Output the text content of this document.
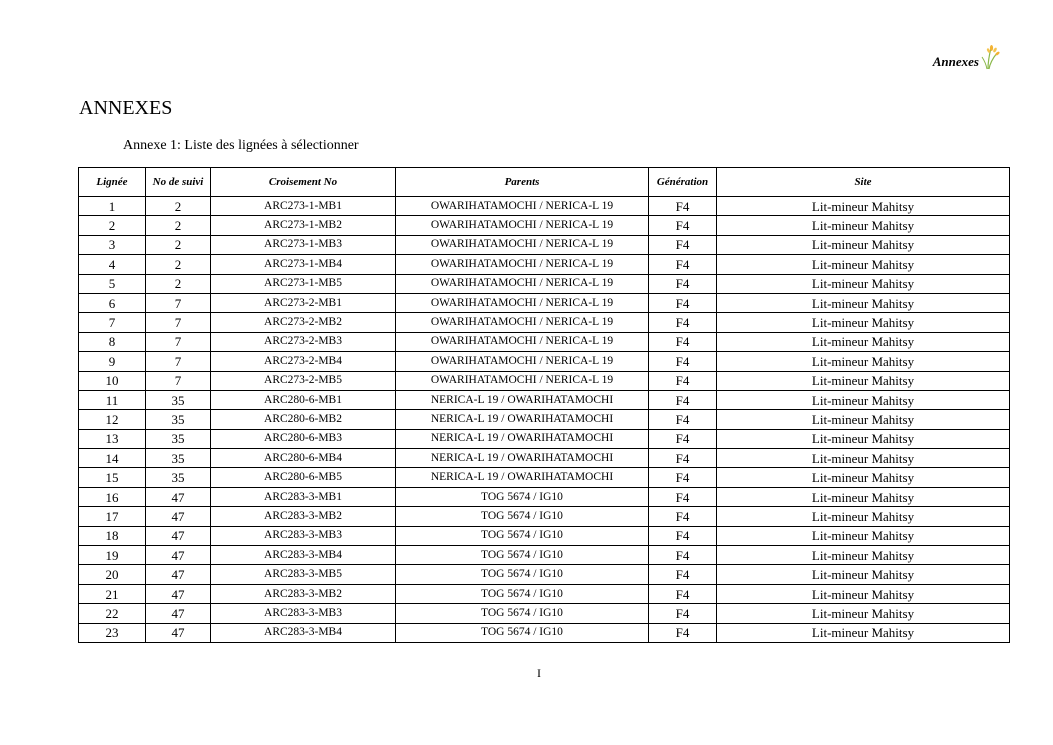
Annexes
ANNEXES
Annexe 1: Liste des lignées à sélectionner
Lignée	No de suivi	Croisement No	Parents	Génération	Site
1	2	ARC273-1-MB1	OWARIHATAMOCHI / NERICA-L 19	F4	Lit-mineur Mahitsy
2	2	ARC273-1-MB2	OWARIHATAMOCHI / NERICA-L 19	F4	Lit-mineur Mahitsy
3	2	ARC273-1-MB3	OWARIHATAMOCHI / NERICA-L 19	F4	Lit-mineur Mahitsy
4	2	ARC273-1-MB4	OWARIHATAMOCHI / NERICA-L 19	F4	Lit-mineur Mahitsy
5	2	ARC273-1-MB5	OWARIHATAMOCHI / NERICA-L 19	F4	Lit-mineur Mahitsy
6	7	ARC273-2-MB1	OWARIHATAMOCHI / NERICA-L 19	F4	Lit-mineur Mahitsy
7	7	ARC273-2-MB2	OWARIHATAMOCHI / NERICA-L 19	F4	Lit-mineur Mahitsy
8	7	ARC273-2-MB3	OWARIHATAMOCHI / NERICA-L 19	F4	Lit-mineur Mahitsy
9	7	ARC273-2-MB4	OWARIHATAMOCHI / NERICA-L 19	F4	Lit-mineur Mahitsy
10	7	ARC273-2-MB5	OWARIHATAMOCHI / NERICA-L 19	F4	Lit-mineur Mahitsy
11	35	ARC280-6-MB1	NERICA-L 19 / OWARIHATAMOCHI	F4	Lit-mineur Mahitsy
12	35	ARC280-6-MB2	NERICA-L 19 / OWARIHATAMOCHI	F4	Lit-mineur Mahitsy
13	35	ARC280-6-MB3	NERICA-L 19 / OWARIHATAMOCHI	F4	Lit-mineur Mahitsy
14	35	ARC280-6-MB4	NERICA-L 19 / OWARIHATAMOCHI	F4	Lit-mineur Mahitsy
15	35	ARC280-6-MB5	NERICA-L 19 / OWARIHATAMOCHI	F4	Lit-mineur Mahitsy
16	47	ARC283-3-MB1	TOG 5674 / IG10	F4	Lit-mineur Mahitsy
17	47	ARC283-3-MB2	TOG 5674 / IG10	F4	Lit-mineur Mahitsy
18	47	ARC283-3-MB3	TOG 5674 / IG10	F4	Lit-mineur Mahitsy
19	47	ARC283-3-MB4	TOG 5674 / IG10	F4	Lit-mineur Mahitsy
20	47	ARC283-3-MB5	TOG 5674 / IG10	F4	Lit-mineur Mahitsy
21	47	ARC283-3-MB2	TOG 5674 / IG10	F4	Lit-mineur Mahitsy
22	47	ARC283-3-MB3	TOG 5674 / IG10	F4	Lit-mineur Mahitsy
23	47	ARC283-3-MB4	TOG 5674 / IG10	F4	Lit-mineur Mahitsy
I
